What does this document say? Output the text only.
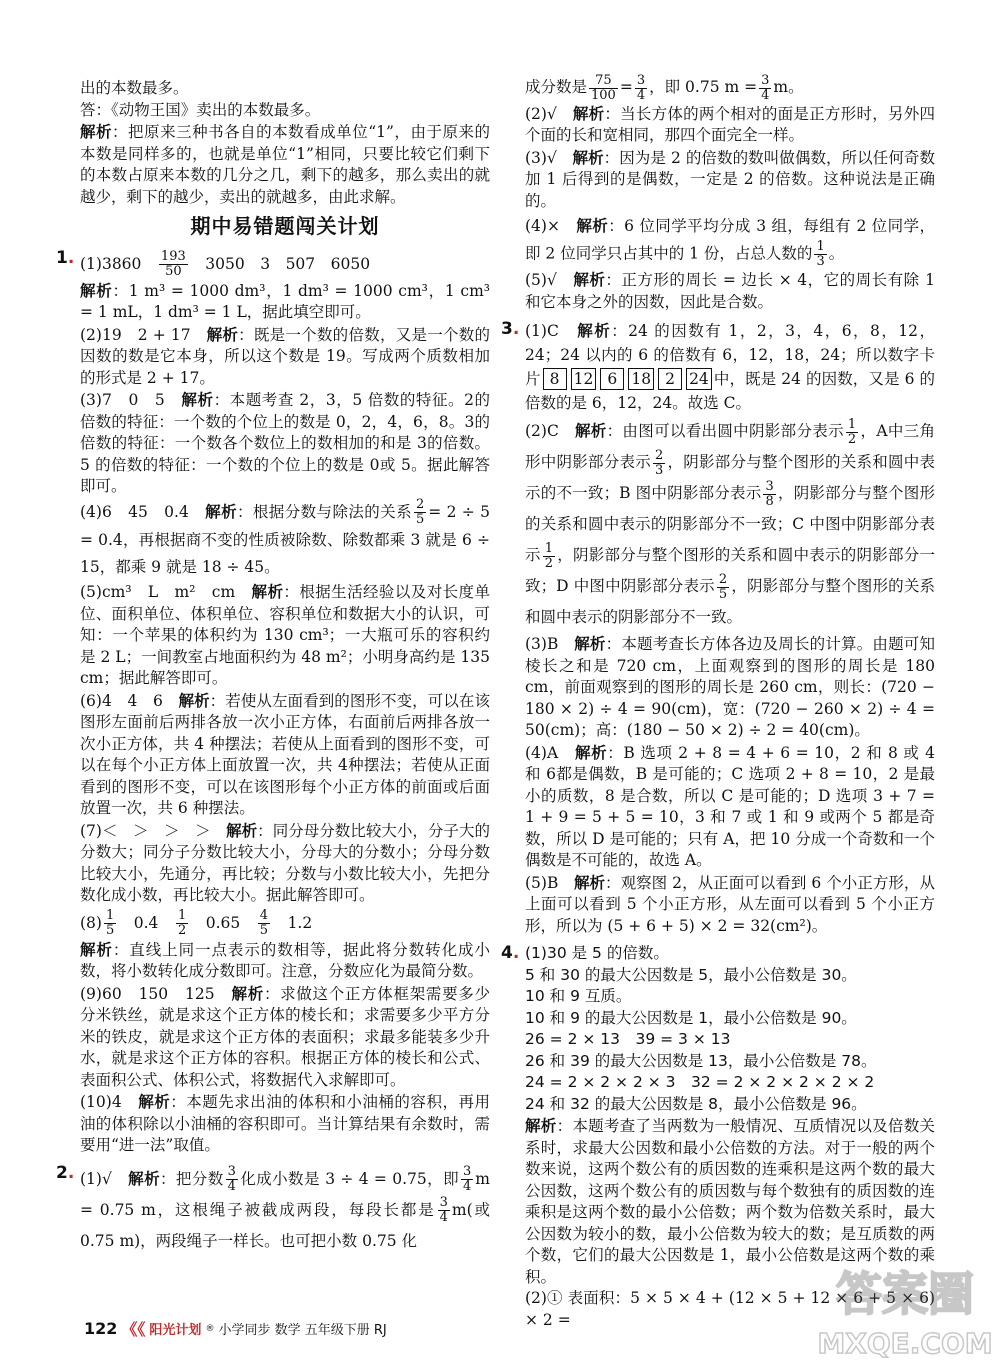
出的本数最多。

答：《动物王国》卖出的本数最多。

解析：把原来三种书各自的本数看成单位“1”，由于原来的本数是同样多的，也就是单位“1”相同，只要比较它们剩下的本数占原来本数的几分之几，剩下的越多，那么卖出的就越少，剩下的越少，卖出的就越多，由此求解。

期中易错题闯关计划
1 . (1)3860　 $\frac{193}{50}$
　 3050　3　507　6050

解析：1 m³ = 1000 dm³，1 dm³ = 1000 cm³，1 cm³ = 1 mL，1 dm³ = 1 L，据此填空即可。

(2)19　2 + 17　解析：既是一个数的倍数，又是一个数的因数的数是它本身，所以这个数是 19。写成两个质数相加的形式是 2 + 17。

(3)7　0　5　解析：本题考查 2，3，5 倍数的特征。2的倍数的特征：一个数的个位上的数是 0，2，4，6，8。3的倍数的特征：一个数各个数位上的数相加的和是 3的倍数。5 的倍数的特征：一个数的个位上的数是 0或 5。据此解答即可。

(4)6　45　0.4　解析：根据分数与除法的关系 $\frac{2}{5} = 2 \div 5 = 0.4$，再根据商不变的性质被除数、除数都乘 3 就是 6 ÷ 15，都乘 9 就是 18 ÷ 45。

(5)cm³　L　m²　cm　解析：根据生活经验以及对长度单位、面积单位、体积单位、容积单位和数据大小的认识，可知：一个苹果的体积约为 130 cm³；一大瓶可乐的容积约是 2 L；一间教室占地面积约为 48 m²；小明身高约是 135 cm；据此解答即可。

(6)4　4　6　解析：若使从左面看到的图形不变，可以在该图形左面前后两排各放一次小正方体，右面前后两排各放一次小正方体，共 4 种摆法；若使从上面看到的图形不变，可以在每个小正方体上面放置一次，共 4种摆法；若使从正面看到的图形不变，可以在该图形每个小正方体的前面或后面放置一次，共 6 种摆法。

(7)＜　＞　＞　＞　解析：同分母分数比较大小，分子大的分数大；同分子分数比较大小，分母大的分数小；分母分数比较大小，先通分，再比较；分数与小数比较大小，先把分数化成小数，再比较大小。据此解答即可。

$(8) \frac{1}{5}$
　 0.4　 $\frac{1}{2}$
　 0.65　 $\frac{4}{5}$
　 1.2

解析：直线上同一点表示的数相等，据此将分数转化成小数，将小数转化成分数即可。注意，分数应化为最简分数。

(9)60　150　125　解析：求做这个正方体框架需要多少分米铁丝，就是求这个正方体的棱长和；求需要多少平方分米的铁皮，就是求这个正方体的表面积；求最多能装多少升水，就是求这个正方体的容积。根据正方体的棱长和公式、表面积公式、体积公式，将数据代入求解即可。

(10)4　解析：本题先求出油的体积和小油桶的容积，再用油的体积除以小油桶的容积即可。当计算结果有余数时，需要用“进一法”取值。

2 . (1)√　解析：把分数 $\frac{3}{4}$ 化成小数是 3 ÷ 4 = 0.75，即 $\frac{3}{4}$ m = 0.75 m，这根绳子被截成两段，每段长都是 $\frac{3}{4} m$(或 0.75 m)，两段绳子一样长。也可把小数 0.75 化

成分数是 $\frac{75}{100} = \frac{3}{4}$ ，即 0.75 $m = \frac{3}{4}$ m。

(2)√　解析：当长方体的两个相对的面是正方形时，另外四个面的长和宽相同，那四个面完全一样。

(3)√　解析：因为是 2 的倍数的数叫做偶数，所以任何奇数加 1 后得到的是偶数，一定是 2 的倍数。这种说法是正确的。

(4)×　解析：6 位同学平均分成 3 组，每组有 2 位同学，即 2 位同学只占其中的 1 份，占总人数的 $\frac{1}{3}$ 。

(5)√　解析：正方形的周长 = 边长 × 4，它的周长有除 1 和它本身之外的因数，因此是合数。

3 . (1)C　解析：24 的因数有 1，2，3，4，6，8，12，24；24 以内的 6 的倍数有 6，12，18，24；所以数字卡片 8 12 6 18 2 24 中，既是 24 的因数，又是 6 的倍数的是 6，12，24。故选 C。

(2)C　解析：由图可以看出圆中阴影部分表示 $\frac{1}{2}$ ，A中三角形中阴影部分表示 $\frac{2}{3}$ ，阴影部分与整个图形的关系和圆中表示的不一致；B 图中阴影部分表示 $\frac{3}{8}$ ，阴影部分与整个图形的关系和圆中表示的阴影部分不一致；C 中图中阴影部分表示 $\frac{1}{2}$ ，阴影部分与整个图形的关系和圆中表示的阴影部分一致；D 中图中阴影部分表示 $\frac{2}{5}$ ，阴影部分与整个图形的关系和圆中表示的阴影部分不一致。

(3)B　解析：本题考查长方体各边及周长的计算。由题可知棱长之和是 720 cm，上面观察到的图形的周长是 180 cm，前面观察到的图形的周长是 260 cm，则长：(720 − 180 × 2) ÷ 4 = 90(cm)，宽：(720 − 260 × 2) ÷ 4 = 50(cm)；高：(180 − 50 × 2) ÷ 2 = 40(cm)。

(4)A　解析：B 选项 2 + 8 = 4 + 6 = 10，2 和 8 或 4 和 6都是偶数，B 是可能的；C 选项 2 + 8 = 10，2 是最小的质数，8 是合数，所以 C 是可能的；D 选项 3 + 7 = 1 + 9 = 5 + 5 = 10，3 和 7 或 1 和 9 或两个 5 都是奇数，所以 D 是可能的；只有 A，把 10 分成一个奇数和一个偶数是不可能的，故选 A。

(5)B　解析：观察图 2，从正面可以看到 6 个小正方形，从上面可以看到 5 个小正方形，从左面可以看到 5 个小正方形，所以为 (5 + 6 + 5) × 2 = 32(cm²)。

4 . (1)30 是 5 的倍数。

5 和 30 的最大公因数是 5，最小公倍数是 30。

10 和 9 互质。

10 和 9 的最大公因数是 1，最小公倍数是 90。

26 = 2 × 13　39 = 3 × 13

26 和 39 的最大公因数是 13，最小公倍数是 78。

24 = 2 × 2 × 2 × 3　32 = 2 × 2 × 2 × 2 × 2

24 和 32 的最大公因数是 8，最小公倍数是 96。

解析：本题考查了当两数为一般情况、互质情况以及倍数关系时，求最大公因数和最小公倍数的方法。对于一般的两个数来说，这两个数公有的质因数的连乘积是这两个数的最大公因数，这两个数公有的质因数与每个数独有的质因数的连乘积是这两个数的最小公倍数；两个数为倍数关系时，最大公因数为较小的数，最小公倍数为较大的数；是互质数的两个数，它们的最大公因数是 1，最小公倍数是这两个数的乘积。

(2)① 表面积：5 × 5 × 4 + (12 × 5 + 12 × 6 + 5 × 6) × 2 =

122 《《 阳光计划 ® 小学同步 数学 五年级下册 RJ
答案圈
MXQE.COM
